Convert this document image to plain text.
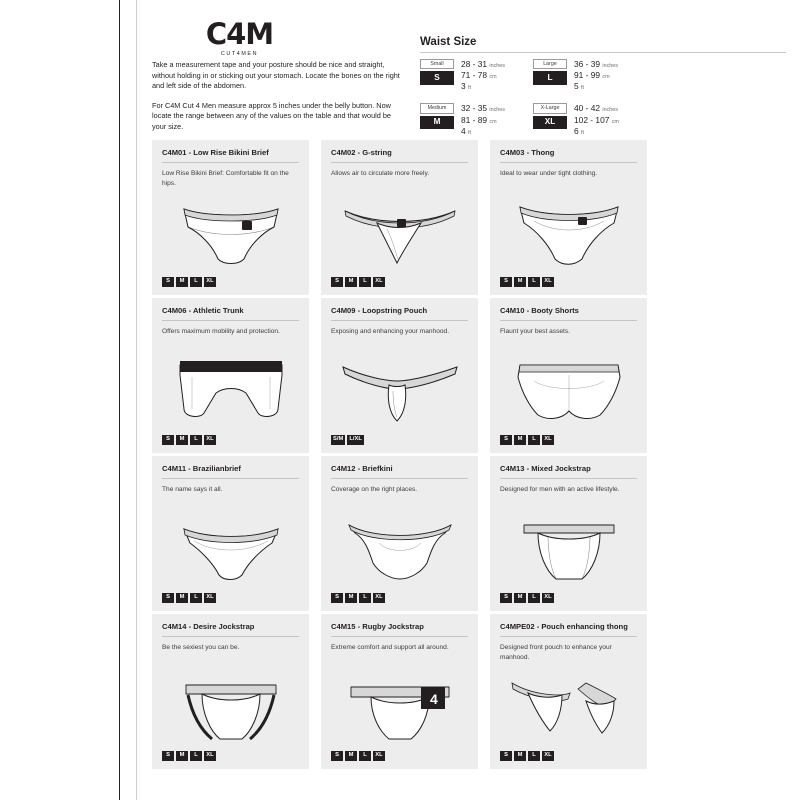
C4M
CUT4MEN

Take a measurement tape and your posture should be nice and straight, without holding in or sticking out your stomach. Locate the bones on the right and left side of the abdomen.

For C4M Cut 4 Men measure approx 5 inches under the belly button. Now locate the range between any of the values on the table and that would be your size.

Waist Size
Small
S
28 - 31 inches
71 - 78 cm
3 ft
Medium
M
32 - 35 inches
81 - 89 cm
4 ft
Large
L
36 - 39 inches
91 - 99 cm
5 ft
X-Large
XL
40 - 42 inches
102 - 107 cm
6 ft
C4M01 - Low Rise Bikini Brief
Low Rise Bikini Brief: Comfortable fit on the hips.
S	M	L	XL
C4M02 - G-string
Allows air to circulate more freely.
S	M	L	XL
C4M03 - Thong
Ideal to wear under tight clothing.
S	M	L	XL
C4M06 - Athletic Trunk
Offers maximum mobility and protection.
S	M	L	XL
C4M09 - Loopstring Pouch
Exposing and enhancing your manhood.
S/M	L/XL
C4M10 - Booty Shorts
Flaunt your best assets.
S	M	L	XL
C4M11 - Brazilianbrief
The name says it all.
S	M	L	XL
C4M12 - Briefkini
Coverage on the right places.
S	M	L	XL
C4M13 - Mixed Jockstrap
Designed for men with an active lifestyle.
S	M	L	XL
C4M14 - Desire Jockstrap
Be the sexiest you can be.
S	M	L	XL
C4M15 - Rugby Jockstrap
Extreme comfort and support all around.
4
S	M	L	XL
C4MPE02 - Pouch enhancing thong
Designed front pouch to enhance your manhood.
S	M	L	XL
